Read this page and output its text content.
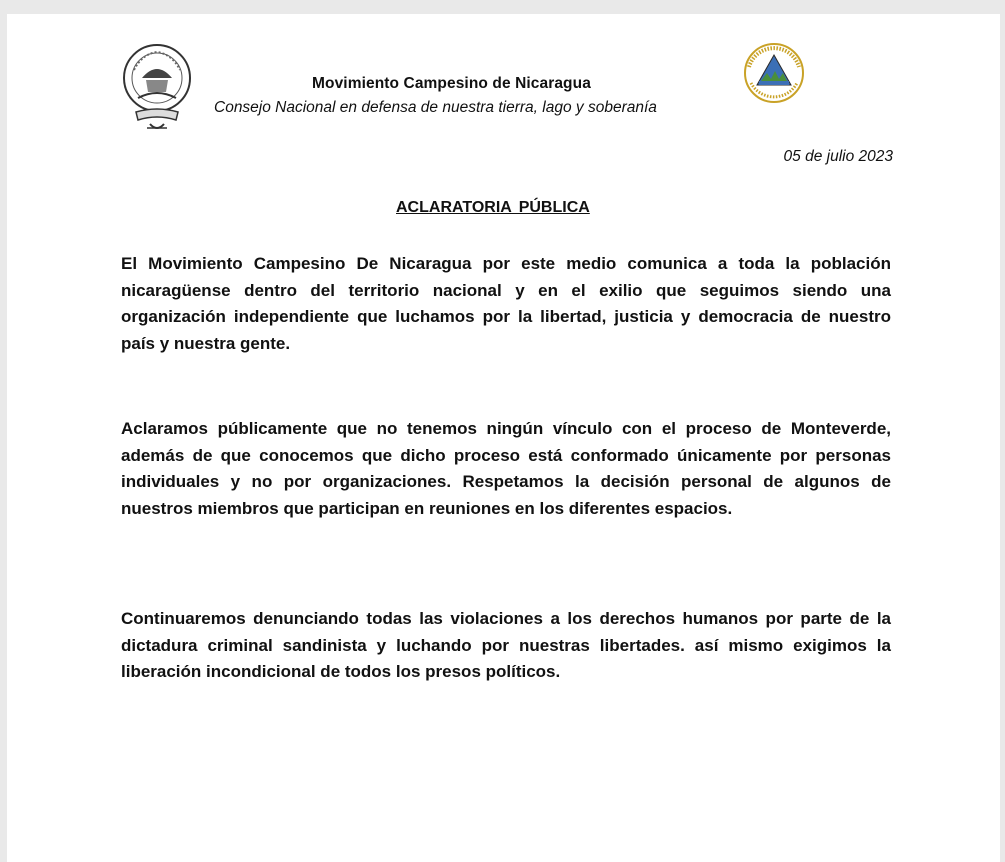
Movimiento Campesino de Nicaragua
Consejo Nacional en defensa de nuestra tierra, lago y soberanía
05 de julio 2023
ACLARATORIA PÚBLICA

El Movimiento Campesino De Nicaragua por este medio comunica a toda la población nicaragüense dentro del territorio nacional y en el exilio que seguimos siendo una organización independiente que luchamos por la libertad, justicia y democracia de nuestro país y nuestra gente.

Aclaramos públicamente que no tenemos ningún vínculo con el proceso de Monteverde, además de que conocemos que dicho proceso está conformado únicamente por personas individuales y no por organizaciones. Respetamos la decisión personal de algunos de nuestros miembros que participan en reuniones en los diferentes espacios.

Continuaremos denunciando todas las violaciones a los derechos humanos por parte de la dictadura criminal sandinista y luchando por nuestras libertades. así mismo exigimos la liberación incondicional de todos los presos políticos.
